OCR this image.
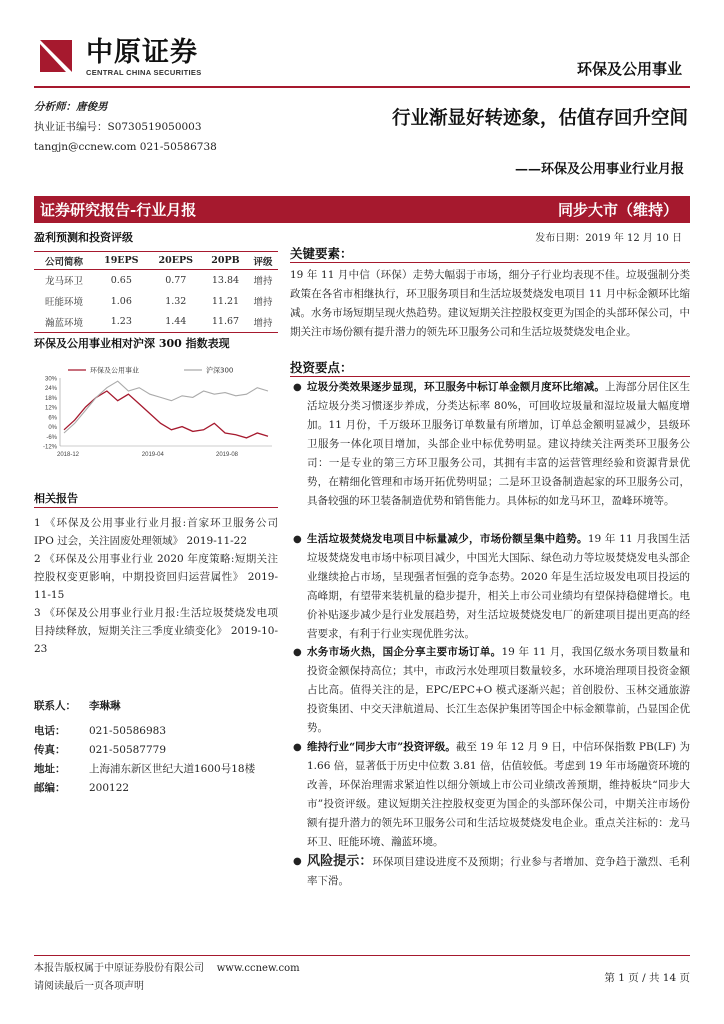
中原证券
CENTRAL CHINA SECURITIES	环保及公用事业
分析师：唐俊男
执业证书编号：S0730519050003
tangjn@ccnew.com 021-50586738
行业渐显好转迹象，估值存回升空间
——环保及公用事业行业月报
证券研究报告-行业月报	同步大市（维持）
发布日期：2019 年 12 月 10 日
盈利预测和投资评级
公司简称	19EPS	20EPS	20PB	评级
龙马环卫	0.65	0.77	13.84	增持
旺能环境	1.06	1.32	11.21	增持
瀚蓝环境	1.23	1.44	11.67	增持
环保及公用事业相对沪深 300 指数表现
30%
24%
18%
12%
6%
0%
-6%
-12%
2018-12	2019-04	2019-08
环保及公用事业	沪深300
相关报告

1 《环保及公用事业行业月报:首家环卫服务公司 IPO 过会，关注固废处理领域》 2019-11-22

2 《环保及公用事业行业 2020 年度策略:短期关注控股权变更影响，中期投资回归运营属性》 2019-11-15

3 《环保及公用事业行业月报:生活垃圾焚烧发电项目持续释放，短期关注三季度业绩变化》 2019-10-23

联系人：	李琳琳
电话：	021-50586983
传真：	021-50587779
地址：	上海浦东新区世纪大道1600号18楼
邮编：	200122
关键要素：
19 年 11 月中信（环保）走势大幅弱于市场，细分子行业均表现不佳。垃圾强制分类政策在各省市相继执行，环卫服务项目和生活垃圾焚烧发电项目 11 月中标金额环比缩减。水务市场短期呈现火热趋势。建议短期关注控股权变更为国企的头部环保公司，中期关注市场份额有提升潜力的领先环卫服务公司和生活垃圾焚烧发电企业。
投资要点：
● 垃圾分类效果逐步显现，环卫服务中标订单金额月度环比缩减。上海部分居住区生活垃圾分类习惯逐步养成，分类达标率 80%，可回收垃圾量和湿垃圾量大幅度增加。11 月份，千万级环卫服务订单数量有所增加，订单总金额明显减少，县级环卫服务一体化项目增加，头部企业中标优势明显。建议持续关注两类环卫服务公司：一是专业的第三方环卫服务公司，其拥有丰富的运营管理经验和资源背景优势，在精细化管理和市场开拓优势明显；二是环卫设备制造起家的环卫服务公司，具备较强的环卫装备制造优势和销售能力。具体标的如龙马环卫，盈峰环境等。
● 生活垃圾焚烧发电项目中标量减少，市场份额呈集中趋势。19 年 11 月我国生活垃圾焚烧发电市场中标项目减少，中国光大国际、绿色动力等垃圾焚烧发电头部企业继续抢占市场，呈现强者恒强的竞争态势。2020 年是生活垃圾发电项目投运的高峰期，有望带来装机量的稳步提升，相关上市公司业绩均有望保持稳健增长。电价补贴逐步减少是行业发展趋势，对生活垃圾焚烧发电厂的新建项目提出更高的经营要求，有利于行业实现优胜劣汰。
● 水务市场火热，国企分享主要市场订单。19 年 11 月，我国亿级水务项目数量和投资金额保持高位；其中，市政污水处理项目数量较多，水环境治理项目投资金额占比高。值得关注的是，EPC/EPC+O 模式逐渐兴起；首创股份、玉林交通旅游投资集团、中交天津航道局、长江生态保护集团等国企中标金额靠前，凸显国企优势。
● 维持行业“同步大市”投资评级。截至 19 年 12 月 9 日，中信环保指数 PB(LF) 为 1.66 倍，显著低于历史中位数 3.81 倍，估值较低。考虑到 19 年市场融资环境的改善，环保治理需求紧迫性以细分领域上市公司业绩改善预期，维持板块“同步大市”投资评级。建议短期关注控股权变更为国企的头部环保公司，中期关注市场份额有提升潜力的领先环卫服务公司和生活垃圾焚烧发电企业。重点关注标的：龙马环卫、旺能环境、瀚蓝环境。
● 风险提示：环保项目建设进度不及预期；行业参与者增加、竞争趋于激烈、毛利率下滑。
本报告版权属于中原证券股份有限公司 www.ccnew.com
请阅读最后一页各项声明
第 1 页 / 共 14 页
